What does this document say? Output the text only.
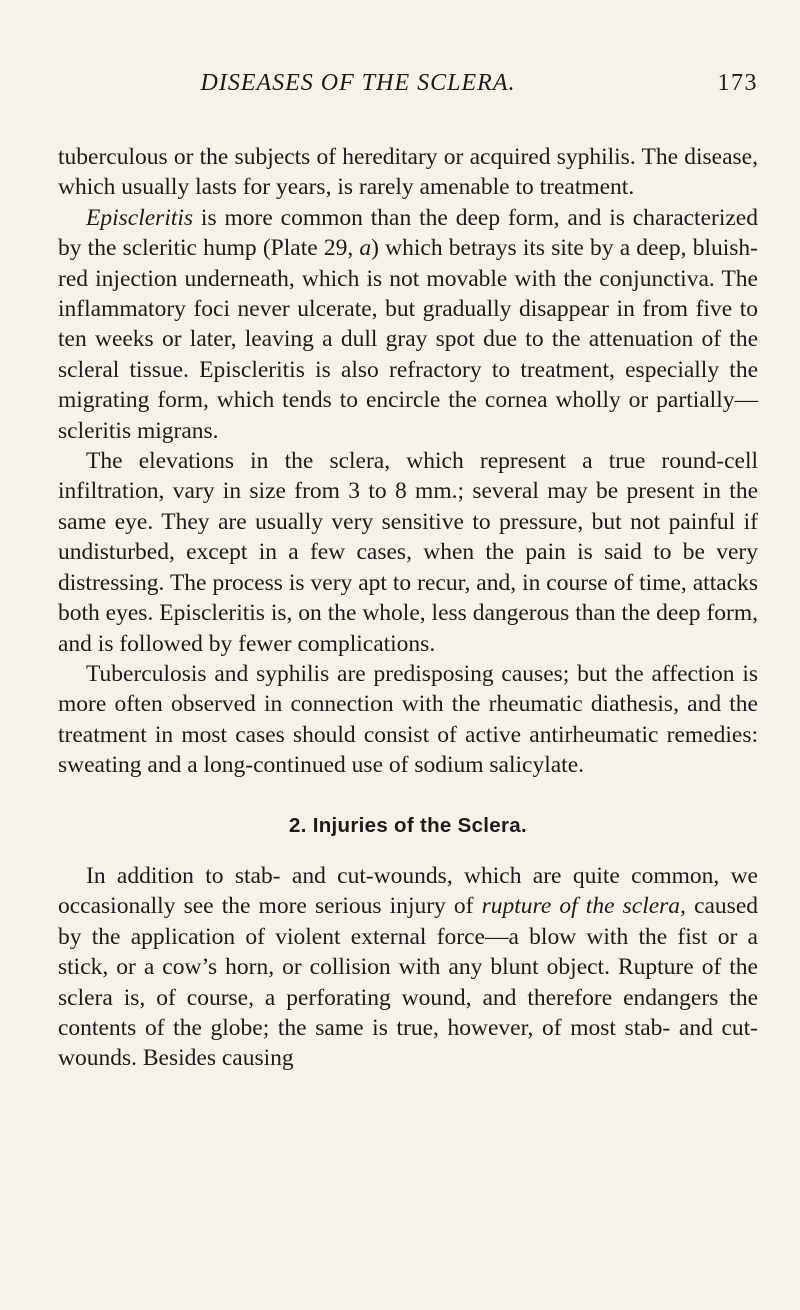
DISEASES OF THE SCLERA.	173

tuberculous or the subjects of hereditary or acquired syphilis. The disease, which usually lasts for years, is rarely amenable to treatment.

Episcleritis is more common than the deep form, and is characterized by the scleritic hump (Plate 29, a) which betrays its site by a deep, bluish-red injection underneath, which is not movable with the conjunctiva. The inflammatory foci never ulcerate, but gradually disappear in from five to ten weeks or later, leaving a dull gray spot due to the attenuation of the scleral tissue. Episcleritis is also refractory to treatment, especially the migrating form, which tends to encircle the cornea wholly or partially—scleritis migrans.

The elevations in the sclera, which represent a true round-cell infiltration, vary in size from 3 to 8 mm.; several may be present in the same eye. They are usually very sensitive to pressure, but not painful if undisturbed, except in a few cases, when the pain is said to be very distressing. The process is very apt to recur, and, in course of time, attacks both eyes. Episcleritis is, on the whole, less dangerous than the deep form, and is followed by fewer complications.

Tuberculosis and syphilis are predisposing causes; but the affection is more often observed in connection with the rheumatic diathesis, and the treatment in most cases should consist of active antirheumatic remedies: sweating and a long-continued use of sodium salicylate.

2. Injuries of the Sclera.

In addition to stab- and cut-wounds, which are quite common, we occasionally see the more serious injury of rupture of the sclera, caused by the application of violent external force—a blow with the fist or a stick, or a cow’s horn, or collision with any blunt object. Rupture of the sclera is, of course, a perforating wound, and therefore endangers the contents of the globe; the same is true, however, of most stab- and cut-wounds. Besides causing
